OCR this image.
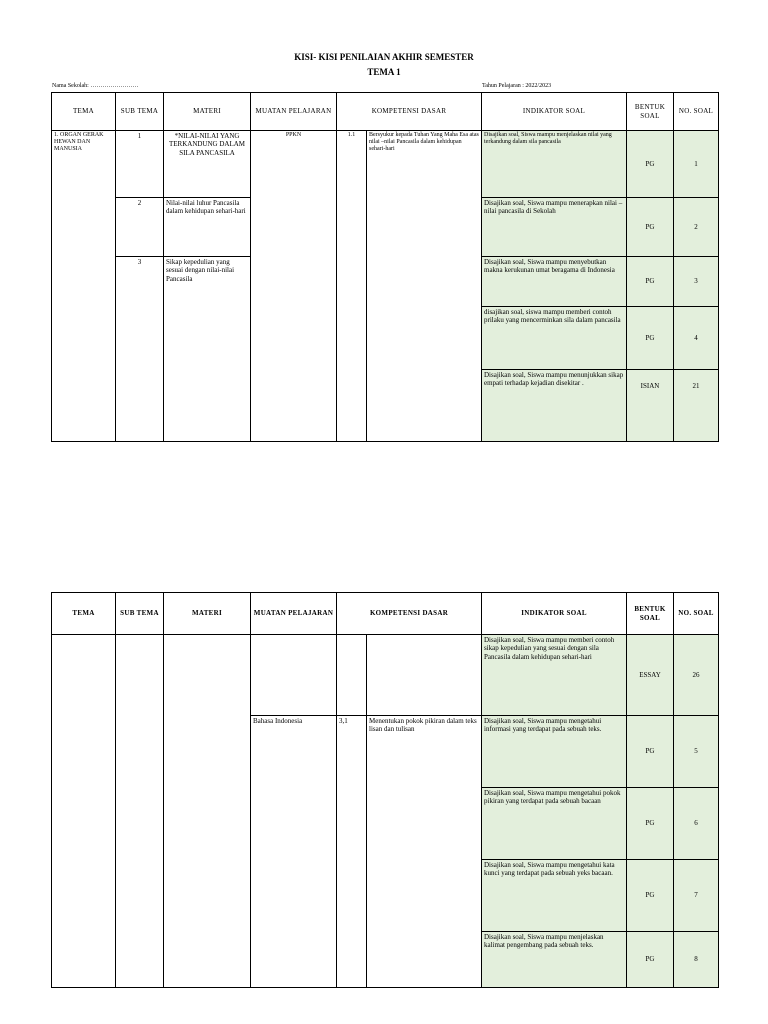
KISI- KISI PENILAIAN AKHIR SEMESTER
TEMA 1
Nama Sekolah: ……………………	Tahun Pelajaran : 2022/2023
TEMA	SUB TEMA	MATERI	MUATAN PELAJARAN	KOMPETENSI DASAR		INDIKATOR SOAL	BENTUK SOAL	NO. SOAL
1. ORGAN GERAK HEWAN DAN MANUSIA	1	*NILAI-NILAI YANG TERKANDUNG DALAM SILA PANCASILA	PPKN	1.1	Bersyukur kepada Tuhan Yang Maha Esa atas nilai –nilai Pancasila dalam kehidupan sehari-hari	Disajikan soal, Siswa mampu menjelaskan nilai yang terkandung dalam sila pancasila	PG	1
	2	Nilai-nilai luhur Pancasila dalam kehidupan sehari-hari				Disajikan soal, Siswa mampu menerapkan nilai –nilai pancasila di Sekolah	PG	2
	3	Sikap kepedulian yang sesuai dengan nilai-nilai Pancasila				Disajikan soal, Siswa mampu menyebutkan makna kerukunan umat beragama di Indonesia	PG	3
						disajikan soal, siswa mampu memberi contoh prilaku yang mencerminkan sila dalam pancasila	PG	4
						Disajikan soal, Siswa mampu menunjukkan sikap empati terhadap kejadian disekitar .	ISIAN	21
TEMA	SUB TEMA	MATERI	MUATAN PELAJARAN	KOMPETENSI DASAR		INDIKATOR SOAL	BENTUK SOAL	NO. SOAL
						Disajikan soal, Siswa mampu memberi contoh sikap kepedulian yang sesuai dengan sila Pancasila dalam kehidupan sehari-hari	ESSAY	26
			Bahasa Indonesia	3,1	Menentukan pokok pikiran dalam teks lisan dan tulisan	Disajikan soal, Siswa mampu mengetahui informasi yang terdapat pada sebuah teks.	PG	5
						Disajikan soal, Siswa mampu mengetahui pokok pikiran yang terdapat pada sebuah bacaan	PG	6
						Disajikan soal, Siswa mampu mengetahui kata kunci yang terdapat pada sebuah yeks bacaan.	PG	7
						Disajikan soal, Siswa mampu menjelaskan kalimat pengembang pada sebuah teks.	PG	8
